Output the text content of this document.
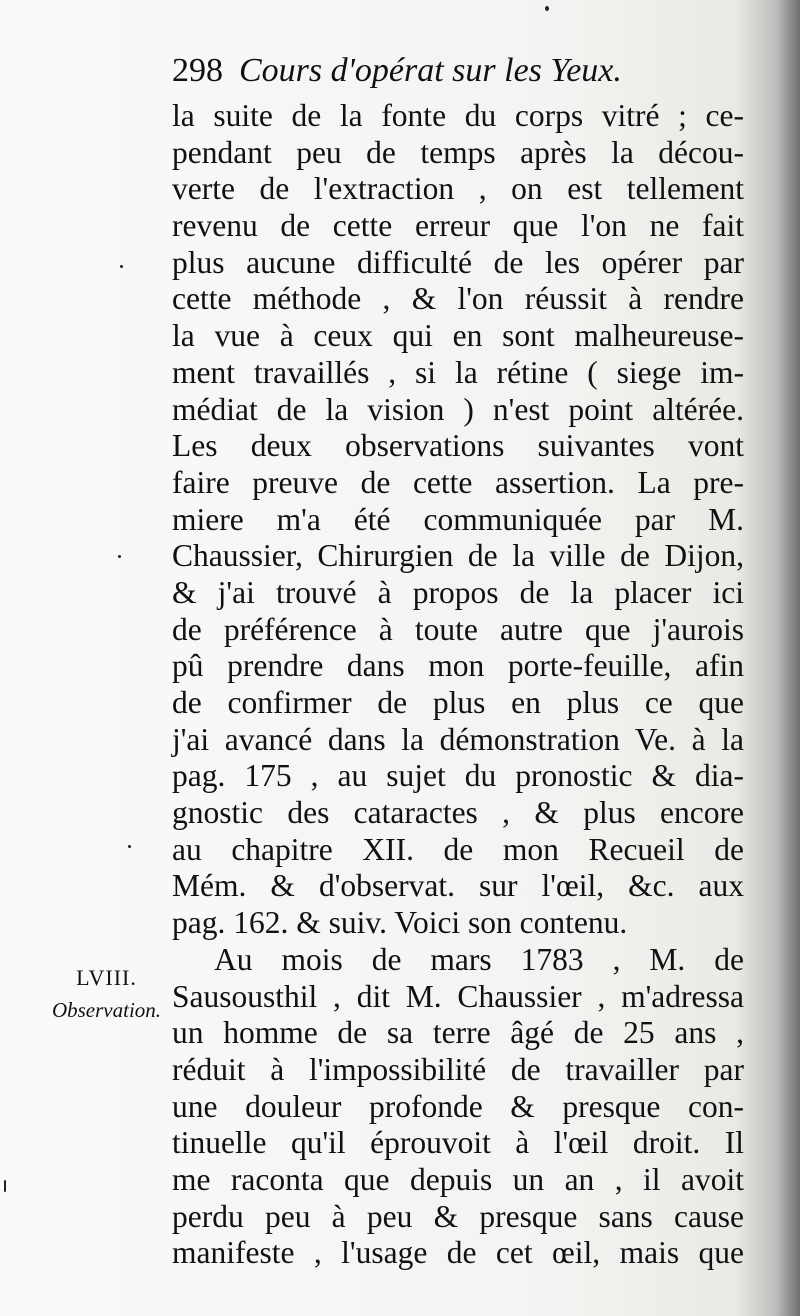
298 Cours d'opérat sur les Yeux.
LVIII.
Observation.
la suite de la fonte du corps vitré ; ce-
pendant peu de temps après la décou-
verte de l'extraction , on est tellement
revenu de cette erreur que l'on ne fait
plus aucune difficulté de les opérer par
cette méthode , & l'on réussit à rendre
la vue à ceux qui en sont malheureuse-
ment travaillés , si la rétine ( siege im-
médiat de la vision ) n'est point altérée.
Les deux observations suivantes vont
faire preuve de cette assertion. La pre-
miere m'a été communiquée par M.
Chaussier, Chirurgien de la ville de Dijon,
& j'ai trouvé à propos de la placer ici
de préférence à toute autre que j'aurois
pû prendre dans mon porte-feuille, afin
de confirmer de plus en plus ce que
j'ai avancé dans la démonstration Ve. à la
pag. 175 , au sujet du pronostic & dia-
gnostic des cataractes , & plus encore
au chapitre XII. de mon Recueil de
Mém. & d'observat. sur l'œil, &c. aux
pag. 162. & suiv. Voici son contenu.
Au mois de mars 1783 , M. de
Sausousthil , dit M. Chaussier , m'adressa
un homme de sa terre âgé de 25 ans ,
réduit à l'impossibilité de travailler par
une douleur profonde & presque con-
tinuelle qu'il éprouvoit à l'œil droit. Il
me raconta que depuis un an , il avoit
perdu peu à peu & presque sans cause
manifeste , l'usage de cet œil, mais que
